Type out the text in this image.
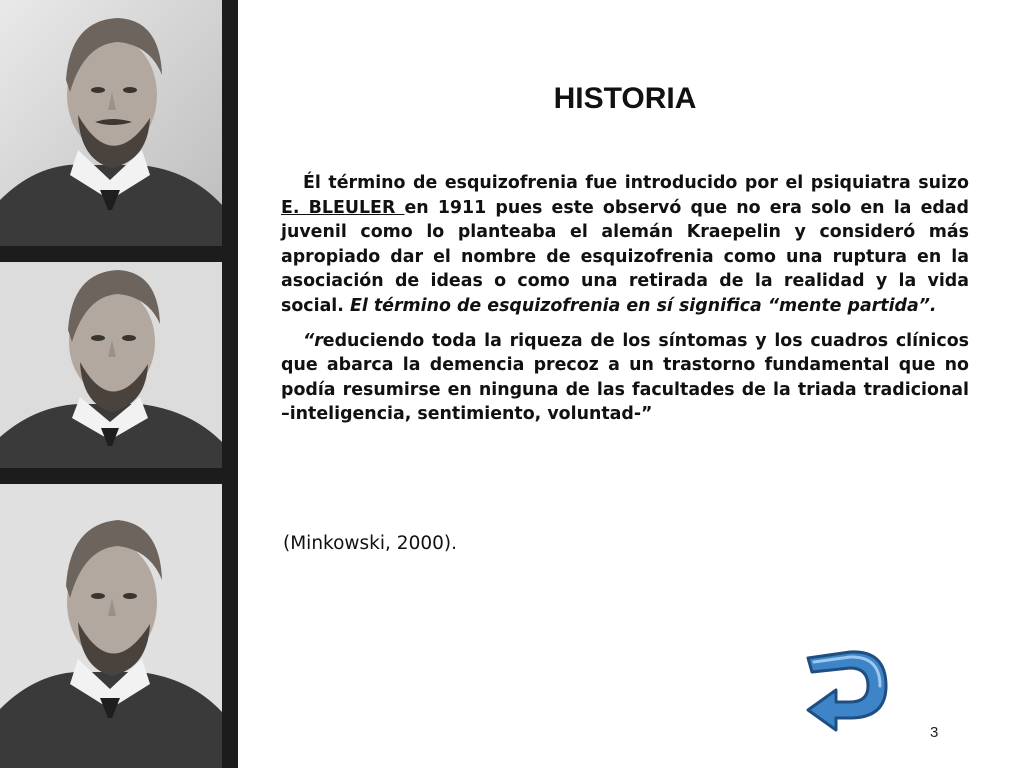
HISTORIA

Él término de esquizofrenia fue introducido por el psiquiatra suizo E. BLEULER en 1911 pues este observó que no era solo en la edad juvenil como lo planteaba el alemán Kraepelin y consideró más apropiado dar el nombre de esquizofrenia como una ruptura en la asociación de ideas o como una retirada de la realidad y la vida social. El término de esquizofrenia en sí significa “mente partida”.

“reduciendo toda la riqueza de los síntomas y los cuadros clínicos que abarca la demencia precoz a un trastorno fundamental que no podía resumirse en ninguna de las facultades de la triada tradicional –inteligencia, sentimiento, voluntad-”

(Minkowski, 2000).

3
